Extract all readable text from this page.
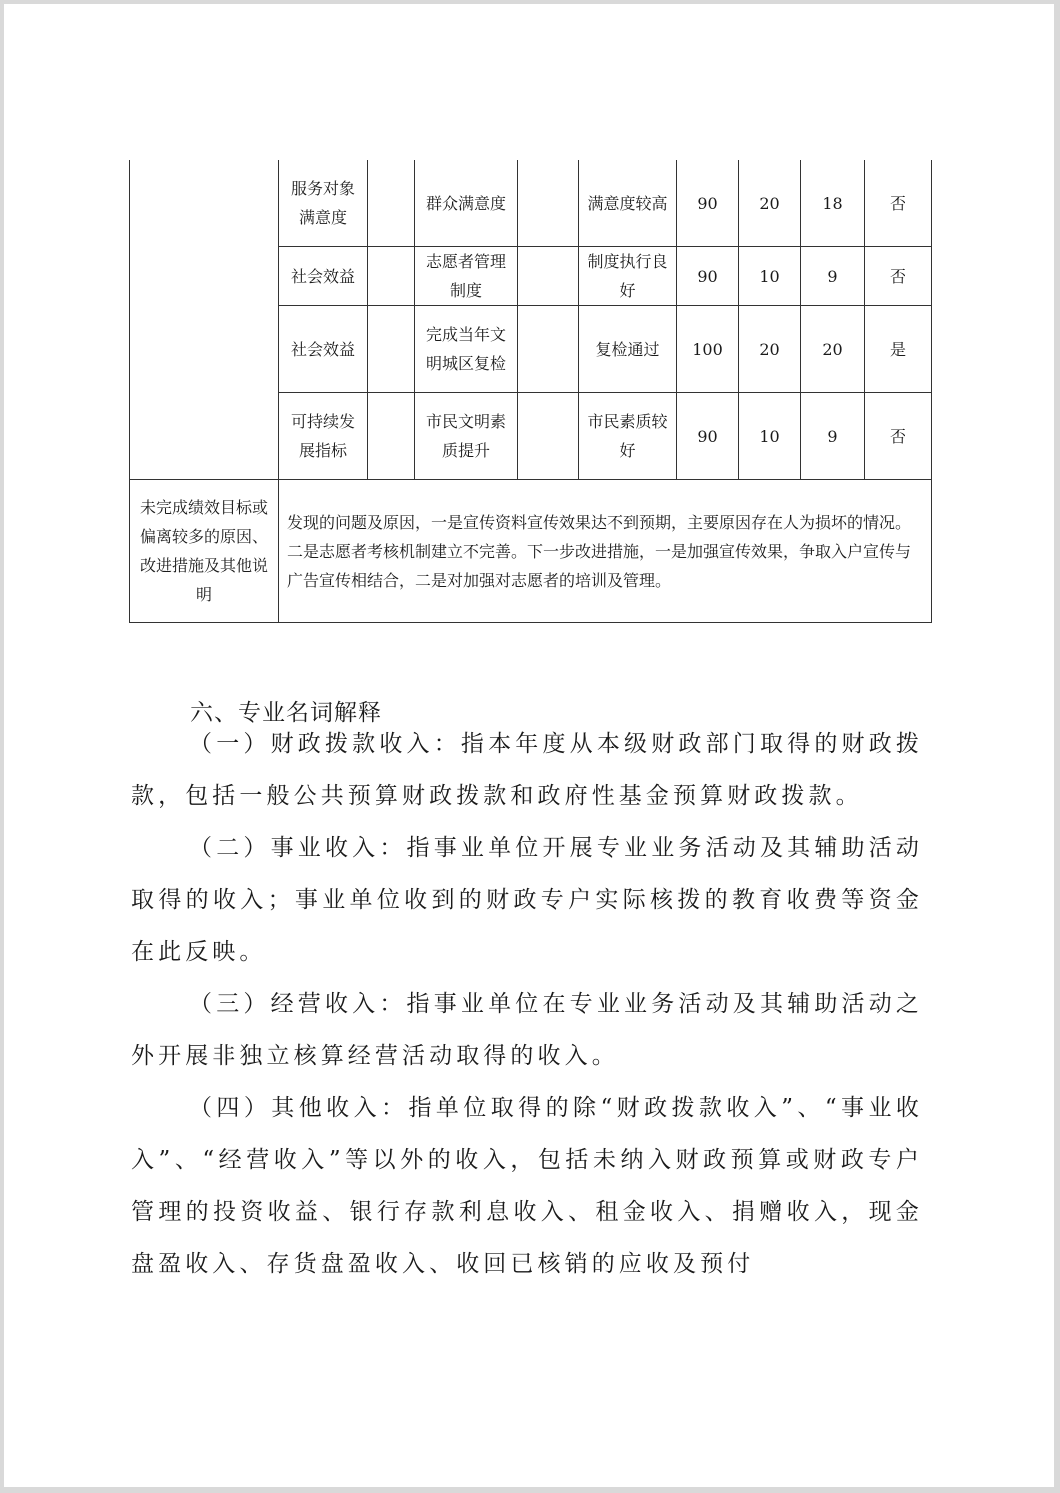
	服务对象满意度		群众满意度		满意度较高	90	20	18	否
	社会效益		志愿者管理制度		制度执行良好	90	10	9	否
	社会效益		完成当年文明城区复检		复检通过	100	20	20	是
	可持续发展指标		市民文明素质提升		市民素质较好	90	10	9	否
未完成绩效目标或偏离较多的原因、改进措施及其他说明	发现的问题及原因，一是宣传资料宣传效果达不到预期，主要原因存在人为损坏的情况。二是志愿者考核机制建立不完善。下一步改进措施，一是加强宣传效果，争取入户宣传与广告宣传相结合，二是对加强对志愿者的培训及管理。								
六、专业名词解释

（一）财政拨款收入：指本年度从本级财政部门取得的财政拨款，包括一般公共预算财政拨款和政府性基金预算财政拨款。

（二）事业收入：指事业单位开展专业业务活动及其辅助活动取得的收入；事业单位收到的财政专户实际核拨的教育收费等资金在此反映。

（三）经营收入：指事业单位在专业业务活动及其辅助活动之外开展非独立核算经营活动取得的收入。

（四）其他收入：指单位取得的除“财政拨款收入”、“事业收入”、“经营收入”等以外的收入，包括未纳入财政预算或财政专户管理的投资收益、银行存款利息收入、租金收入、捐赠收入，现金盘盈收入、存货盘盈收入、收回已核销的应收及预付
